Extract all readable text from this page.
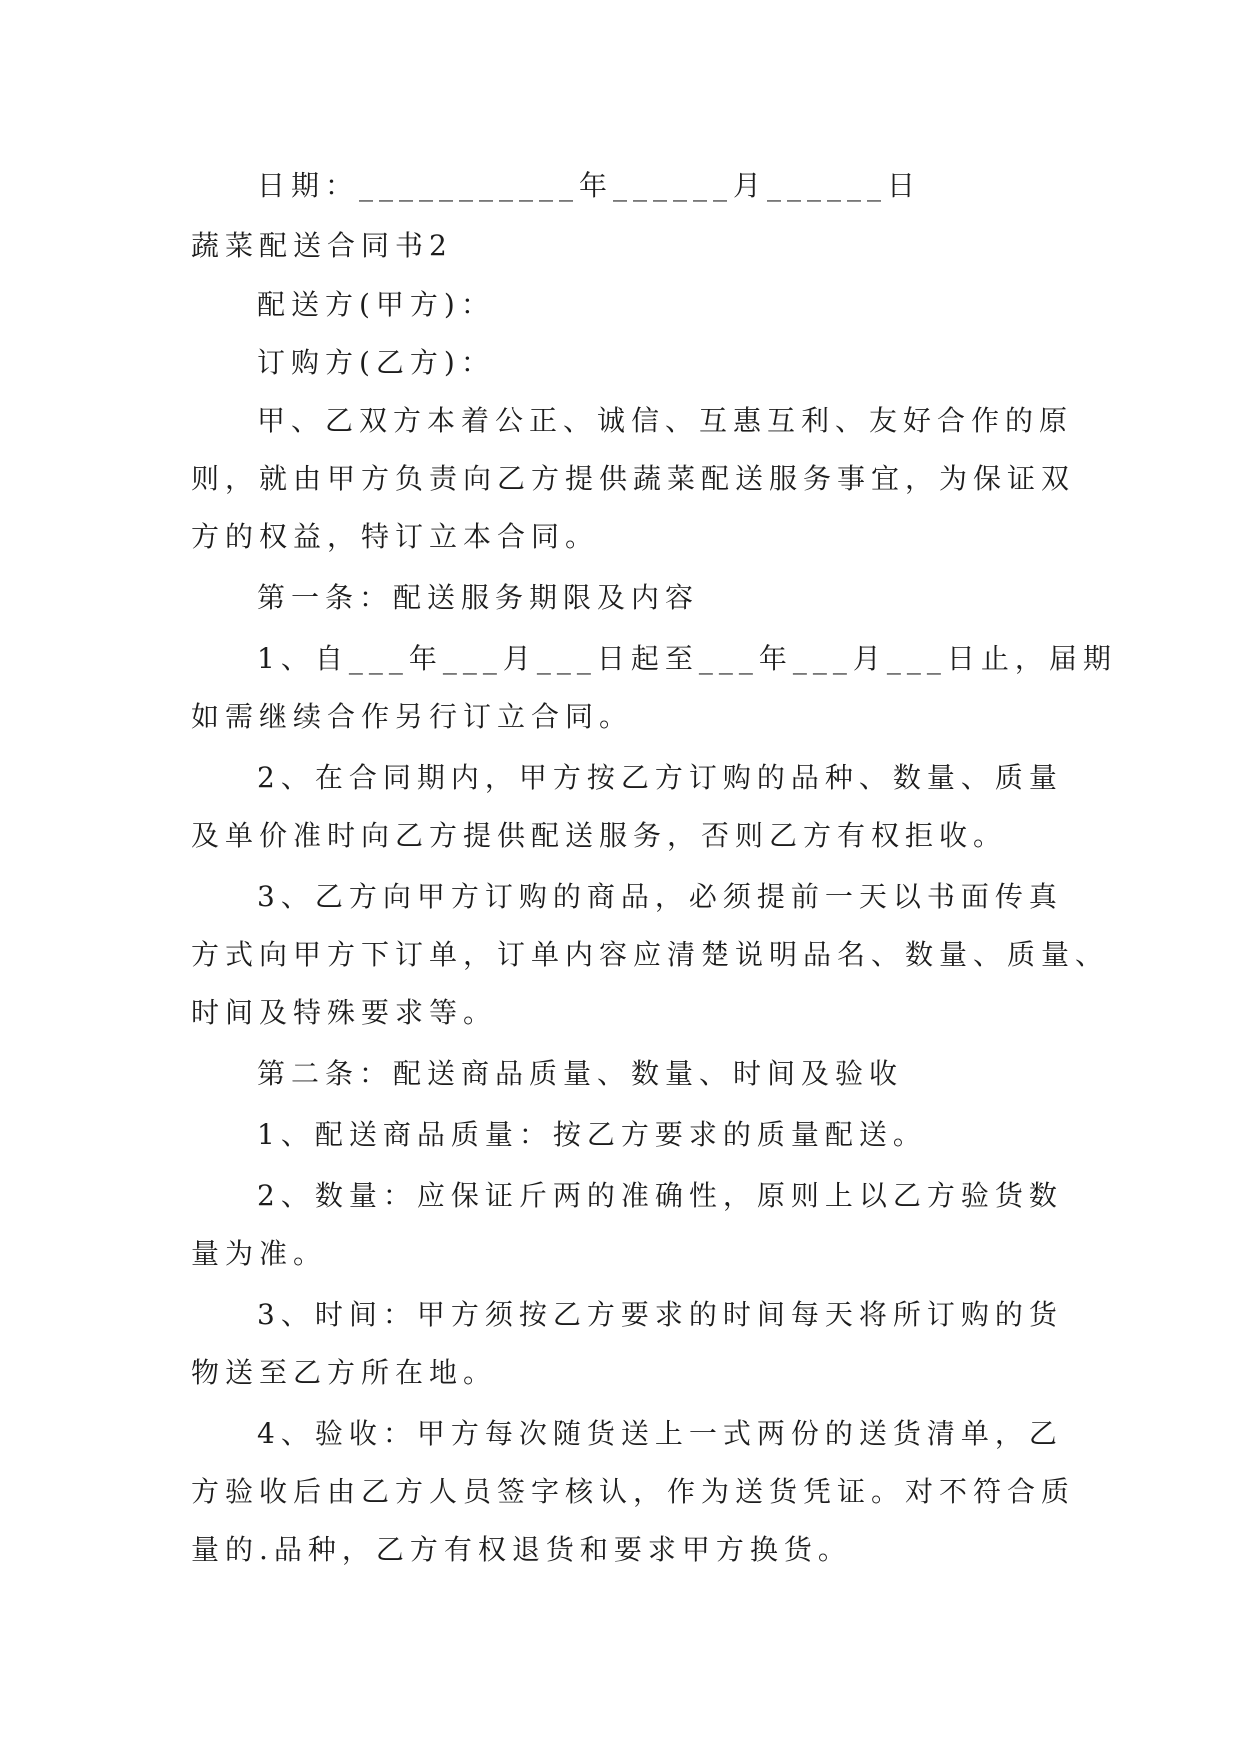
日期：___________年______月______日
蔬菜配送合同书2
配送方(甲方)：
订购方(乙方)：
甲、乙双方本着公正、诚信、互惠互利、友好合作的原
则，就由甲方负责向乙方提供蔬菜配送服务事宜，为保证双
方的权益，特订立本合同。
第一条：配送服务期限及内容
1、自___年___月___日起至___年___月___日止，届期
如需继续合作另行订立合同。
2、在合同期内，甲方按乙方订购的品种、数量、质量
及单价准时向乙方提供配送服务，否则乙方有权拒收。
3、乙方向甲方订购的商品，必须提前一天以书面传真
方式向甲方下订单，订单内容应清楚说明品名、数量、质量、
时间及特殊要求等。
第二条：配送商品质量、数量、时间及验收
1、配送商品质量：按乙方要求的质量配送。
2、数量：应保证斤两的准确性，原则上以乙方验货数
量为准。
3、时间：甲方须按乙方要求的时间每天将所订购的货
物送至乙方所在地。
4、验收：甲方每次随货送上一式两份的送货清单，乙
方验收后由乙方人员签字核认，作为送货凭证。对不符合质
量的.品种，乙方有权退货和要求甲方换货。
